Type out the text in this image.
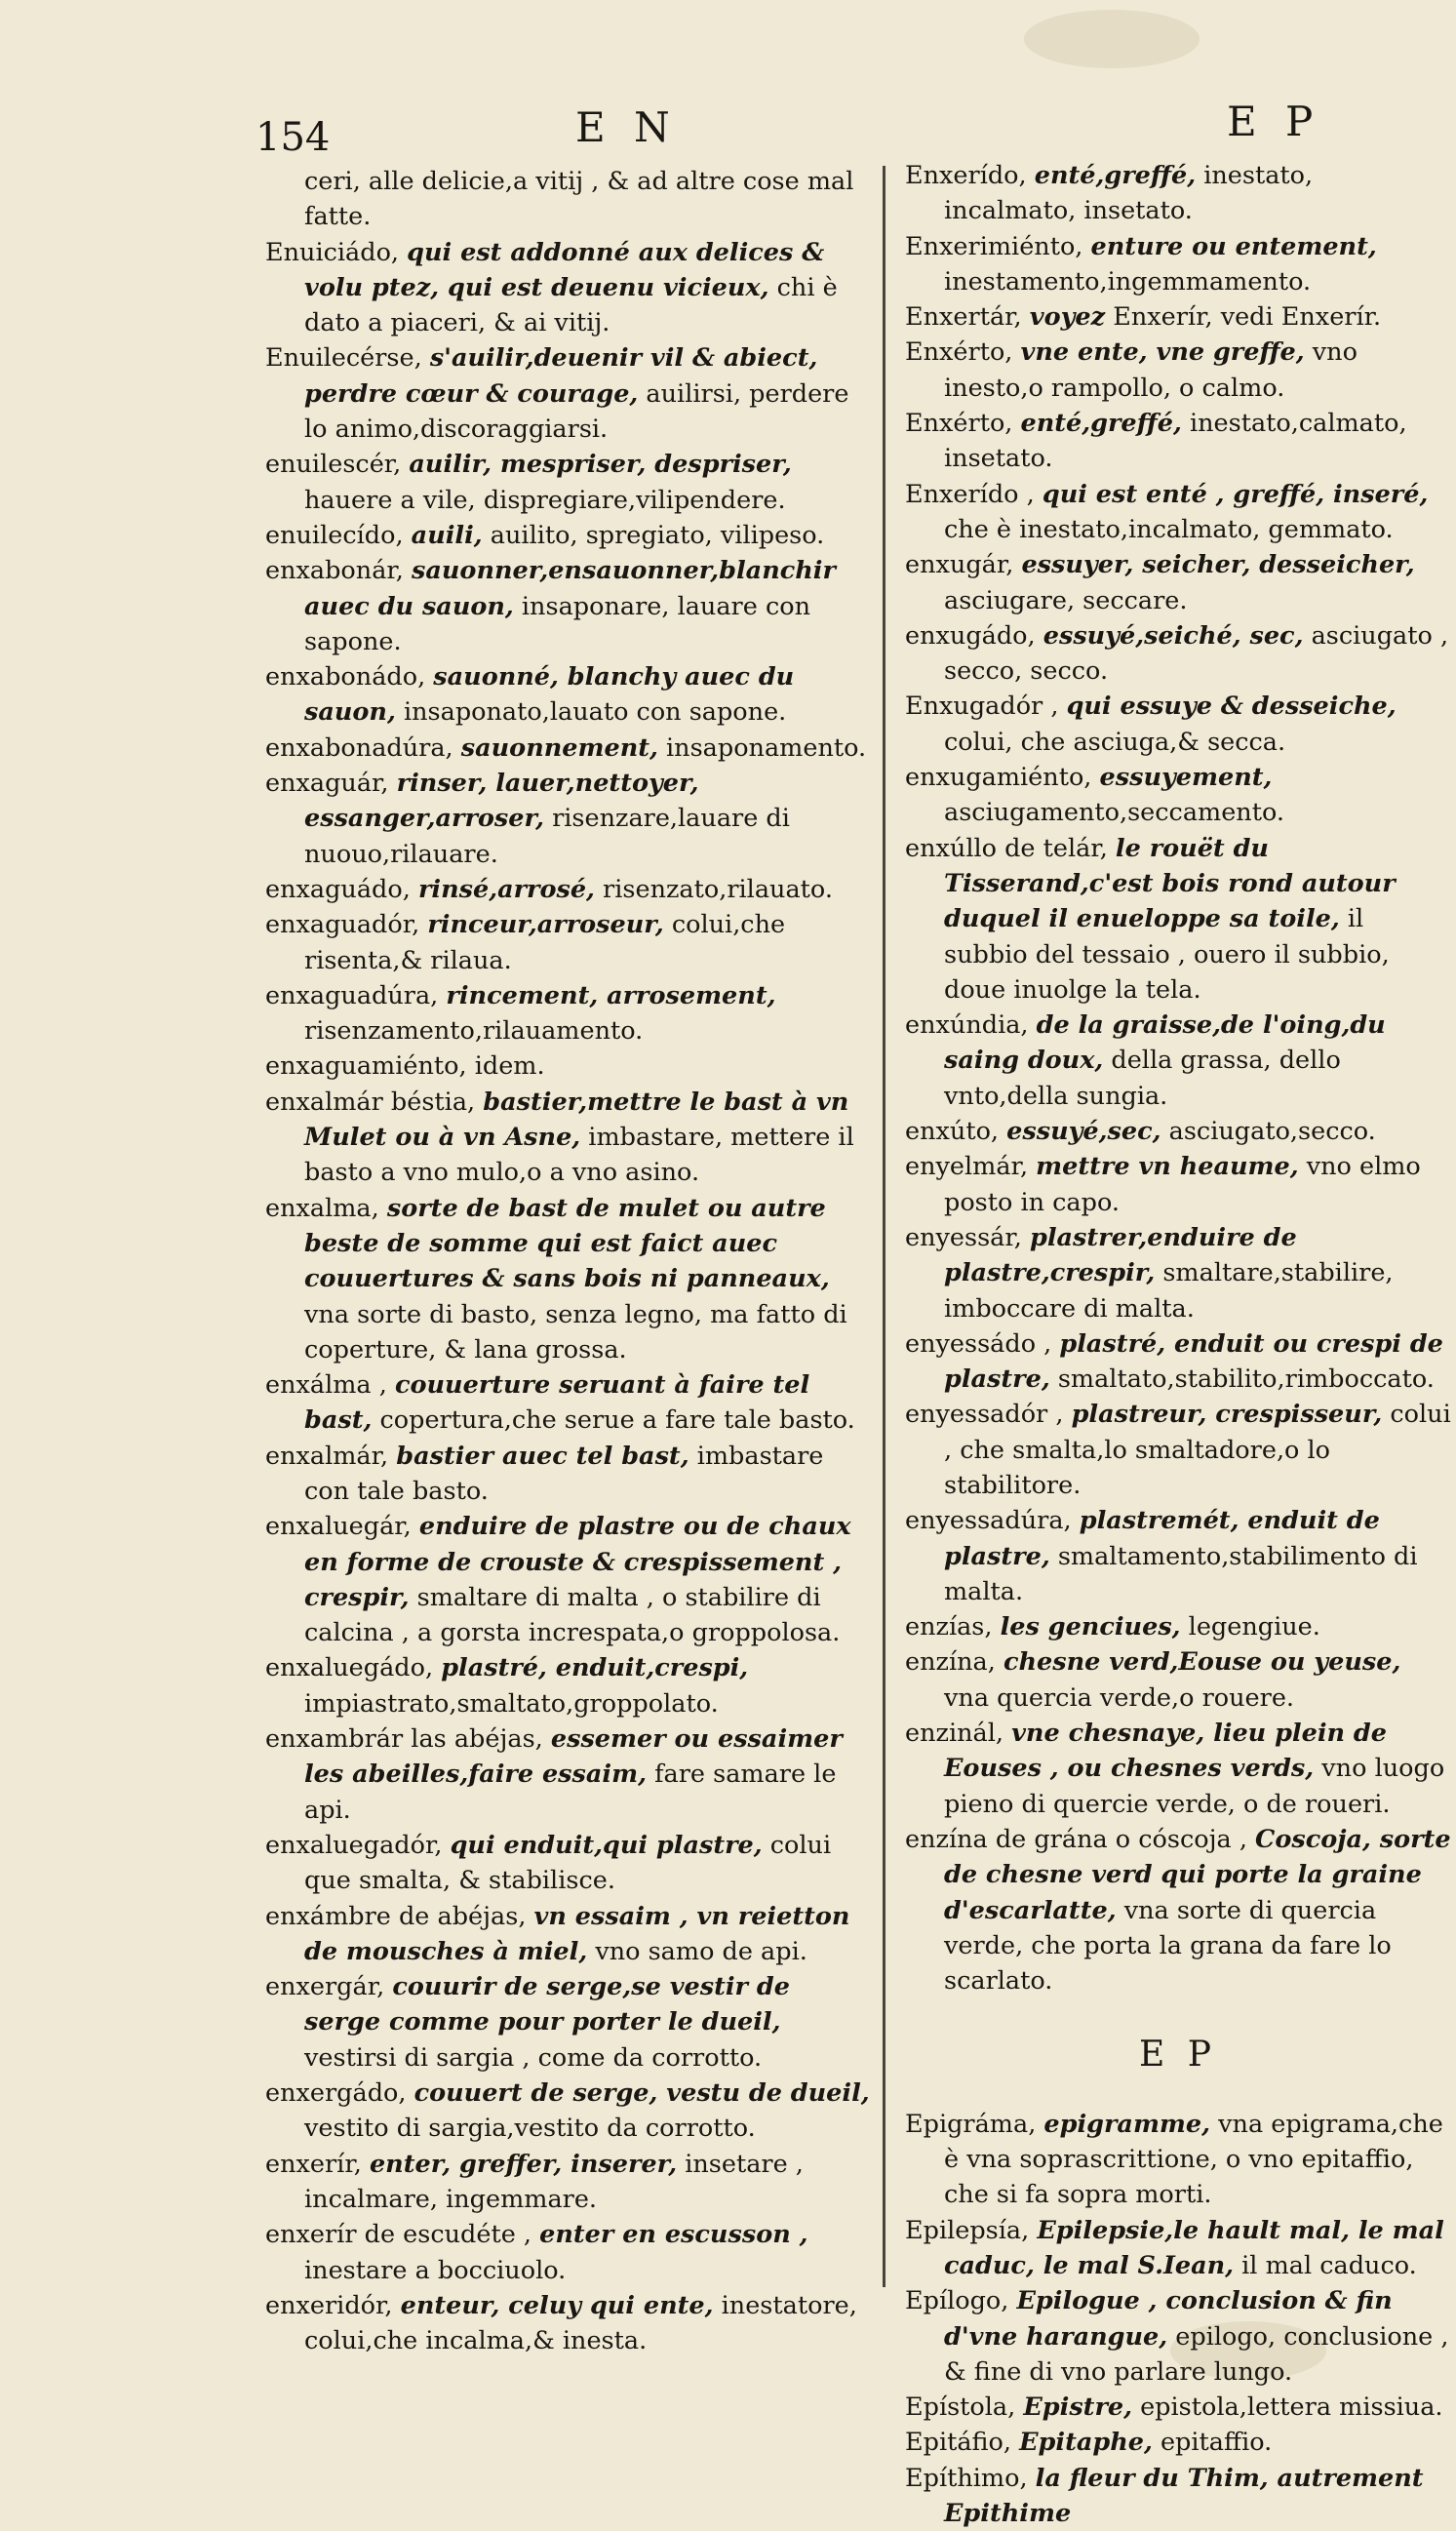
154	E N	E P

ceri, alle delicie,a vitij , & ad altre cose mal fatte.

Enuiciádo, qui est addonné aux delices & volu ptez, qui est deuenu vicieux, chi è dato a piaceri, & ai vitij.

Enuilecérse, s'auilir,deuenir vil & abiect, perdre cœur & courage, auilirsi, perdere lo animo,discoraggiarsi.

enuilescér, auilir, mespriser, despriser, hauere a vile, dispregiare,vilipendere.

enuilecído, auili, auilito, spregiato, vilipeso.

enxabonár, sauonner,ensauonner,blanchir auec du sauon, insaponare, lauare con sapone.

enxabonádo, sauonné, blanchy auec du sauon, insaponato,lauato con sapone.

enxabonadúra, sauonnement, insaponamento.

enxaguár, rinser, lauer,nettoyer, essanger,arroser, risenzare,lauare di nuouo,rilauare.

enxaguádo, rinsé,arrosé, risenzato,rilauato.

enxaguadór, rinceur,arroseur, colui,che risenta,& rilaua.

enxaguadúra, rincement, arrosement, risenzamento,rilauamento.

enxaguamiénto, idem.

enxalmár béstia, bastier,mettre le bast à vn Mulet ou à vn Asne, imbastare, mettere il basto a vno mulo,o a vno asino.

enxalma, sorte de bast de mulet ou autre beste de somme qui est faict auec couuertures & sans bois ni panneaux, vna sorte di basto, senza legno, ma fatto di coperture, & lana grossa.

enxálma , couuerture seruant à faire tel bast, copertura,che serue a fare tale basto.

enxalmár, bastier auec tel bast, imbastare con tale basto.

enxaluegár, enduire de plastre ou de chaux en forme de crouste & crespissement , crespir, smaltare di malta , o stabilire di calcina , a gorsta increspata,o groppolosa.

enxaluegádo, plastré, enduit,crespi, impiastrato,smaltato,groppolato.

enxambrár las abéjas, essemer ou essaimer les abeilles,faire essaim, fare samare le api.

enxaluegadór, qui enduit,qui plastre, colui que smalta, & stabilisce.

enxámbre de abéjas, vn essaim , vn reietton de mousches à miel, vno samo de api.

enxergár, couurir de serge,se vestir de serge comme pour porter le dueil, vestirsi di sargia , come da corrotto.

enxergádo, couuert de serge, vestu de dueil, vestito di sargia,vestito da corrotto.

enxerír, enter, greffer, inserer, insetare , incalmare, ingemmare.

enxerír de escudéte , enter en escusson , inestare a bocciuolo.

enxeridór, enteur, celuy qui ente, inestatore, colui,che incalma,& inesta.

Enxerído, enté,greffé, inestato, incalmato, insetato.

Enxerimiénto, enture ou entement, inestamento,ingemmamento.

Enxertár, voyez Enxerír, vedi Enxerír.

Enxérto, vne ente, vne greffe, vno inesto,o rampollo, o calmo.

Enxérto, enté,greffé, inestato,calmato, insetato.

Enxerído , qui est enté , greffé, inseré, che è inestato,incalmato, gemmato.

enxugár, essuyer, seicher, desseicher, asciugare, seccare.

enxugádo, essuyé,seiché, sec, asciugato , secco, secco.

Enxugadór , qui essuye & desseiche, colui, che asciuga,& secca.

enxugamiénto, essuyement, asciugamento,seccamento.

enxúllo de telár, le rouët du Tisserand,c'est bois rond autour duquel il enueloppe sa toile, il subbio del tessaio , ouero il subbio, doue inuolge la tela.

enxúndia, de la graisse,de l'oing,du saing doux, della grassa, dello vnto,della sungia.

enxúto, essuyé,sec, asciugato,secco.

enyelmár, mettre vn heaume, vno elmo posto in capo.

enyessár, plastrer,enduire de plastre,crespir, smaltare,stabilire, imboccare di malta.

enyessádo , plastré, enduit ou crespi de plastre, smaltato,stabilito,rimboccato.

enyessadór , plastreur, crespisseur, colui , che smalta,lo smaltadore,o lo stabilitore.

enyessadúra, plastremét, enduit de plastre, smaltamento,stabilimento di malta.

enzías, les genciues, legengiue.

enzína, chesne verd,Eouse ou yeuse, vna quercia verde,o rouere.

enzinál, vne chesnaye, lieu plein de Eouses , ou chesnes verds, vno luogo pieno di quercie verde, o de roueri.

enzína de grána o cóscoja , Coscoja, sorte de chesne verd qui porte la graine d'escarlatte, vna sorte di quercia verde, che porta la grana da fare lo scarlato.

E P

Epigráma, epigramme, vna epigrama,che è vna soprascrittione, o vno epitaffio, che si fa sopra morti.

Epilepsía, Epilepsie,le hault mal, le mal caduc, le mal S.Iean, il mal caduco.

Epílogo, Epilogue , conclusion & fin d'vne harangue, epilogo, conclusione , & fine di vno parlare lungo.

Epístola, Epistre, epistola,lettera missiua.

Epitáfio, Epitaphe, epitaffio.

Epíthimo, la fleur du Thim, autrement Epithime
